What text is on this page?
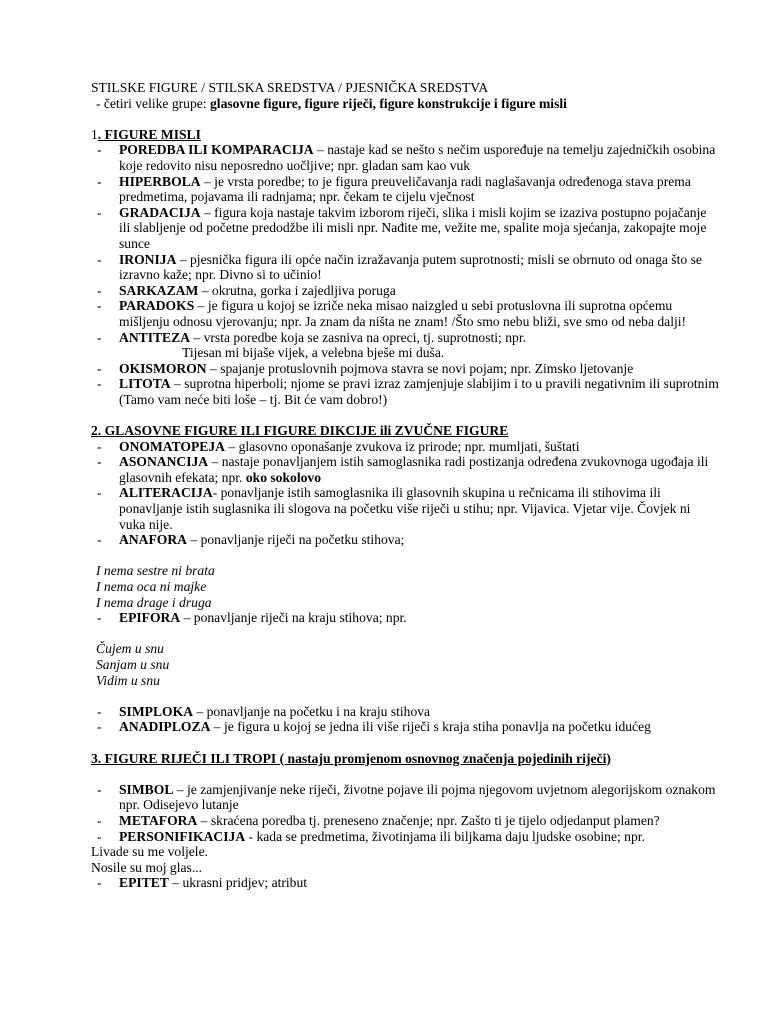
STILSKE FIGURE / STILSKA SREDSTVA / PJESNIČKA SREDSTVA
- četiri velike grupe: glasovne figure, figure riječi, figure konstrukcije i figure misli
1. FIGURE MISLI
-	POREDBA ILI KOMPARACIJA – nastaje kad se nešto s nečim uspoređuje na temelju zajedničkih osobina koje redovito nisu neposredno uočljive; npr. gladan sam kao vuk
-	HIPERBOLA – je vrsta poredbe; to je figura preuveličavanja radi naglašavanja određenoga stava prema predmetima, pojavama ili radnjama; npr. čekam te cijelu vječnost
-	GRADACIJA – figura koja nastaje takvim izborom riječi, slika i misli kojim se izaziva postupno pojačanje ili slabljenje od početne predodžbe ili misli npr. Nađite me, vežite me, spalite moja sjećanja, zakopajte moje sunce
-	IRONIJA – pjesnička figura ili opće način izražavanja putem suprotnosti; misli se obrnuto od onaga što se izravno kaže; npr. Divno si to učinio!
-	SARKAZAM – okrutna, gorka i zajedljiva poruga
-	PARADOKS – je figura u kojoj se izriče neka misao naizgled u sebi protuslovna ili suprotna općemu mišljenju odnosu vjerovanju; npr. Ja znam da ništa ne znam! /Što smo nebu bliži, sve smo od neba dalji!
-	ANTITEZA – vrsta poredbe koja se zasniva na opreci, tj. suprotnosti; npr.
Tijesan mi bijaše vijek, a velebna bješe mi duša.
-	OKISMORON – spajanje protuslovnih pojmova stavra se novi pojam; npr. Zimsko ljetovanje
-	LITOTA – suprotna hiperboli; njome se pravi izraz zamjenjuje slabijim i to u pravili negativnim ili suprotnim (Tamo vam neće biti loše – tj. Bit će vam dobro!)
2. GLASOVNE FIGURE ILI FIGURE DIKCIJE ili ZVUČNE FIGURE
-	ONOMATOPEJA – glasovno oponašanje zvukova iz prirode; npr. mumljati, šuštati
-	ASONANCIJA – nastaje ponavljanjem istih samoglasnika radi postizanja određena zvukovnoga ugođaja ili glasovnih efekata; npr. oko sokolovo
-	ALITERACIJA- ponavljanje istih samoglasnika ili glasovnih skupina u rečnicama ili stihovima ili ponavljanje istih suglasnika ili slogova na početku više riječi u stihu; npr. Vijavica. Vjetar vije. Čovjek ni vuka nije.
-	ANAFORA – ponavljanje riječi na početku stihova;
I nema sestre ni brata
I nema oca ni majke
I nema drage i druga
-	EPIFORA – ponavljanje riječi na kraju stihova; npr.
Čujem u snu
Sanjam u snu
Vidim u snu
-	SIMPLOKA – ponavljanje na početku i na kraju stihova
-	ANADIPLOZA – je figura u kojoj se jedna ili više riječi s kraja stiha ponavlja na početku idućeg
3. FIGURE RIJEČI ILI TROPI ( nastaju promjenom osnovnog značenja pojedinih riječi)
-	SIMBOL – je zamjenjivanje neke riječi, životne pojave ili pojma njegovom uvjetnom alegorijskom oznakom npr. Odisejevo lutanje
-	METAFORA – skraćena poredba tj. preneseno značenje; npr. Zašto ti je tijelo odjedanput plamen?
-	PERSONIFIKACIJA - kada se predmetima, životinjama ili biljkama daju ljudske osobine; npr.
Livade su me voljele.
Nosile su moj glas...
-	EPITET – ukrasni pridjev; atribut
